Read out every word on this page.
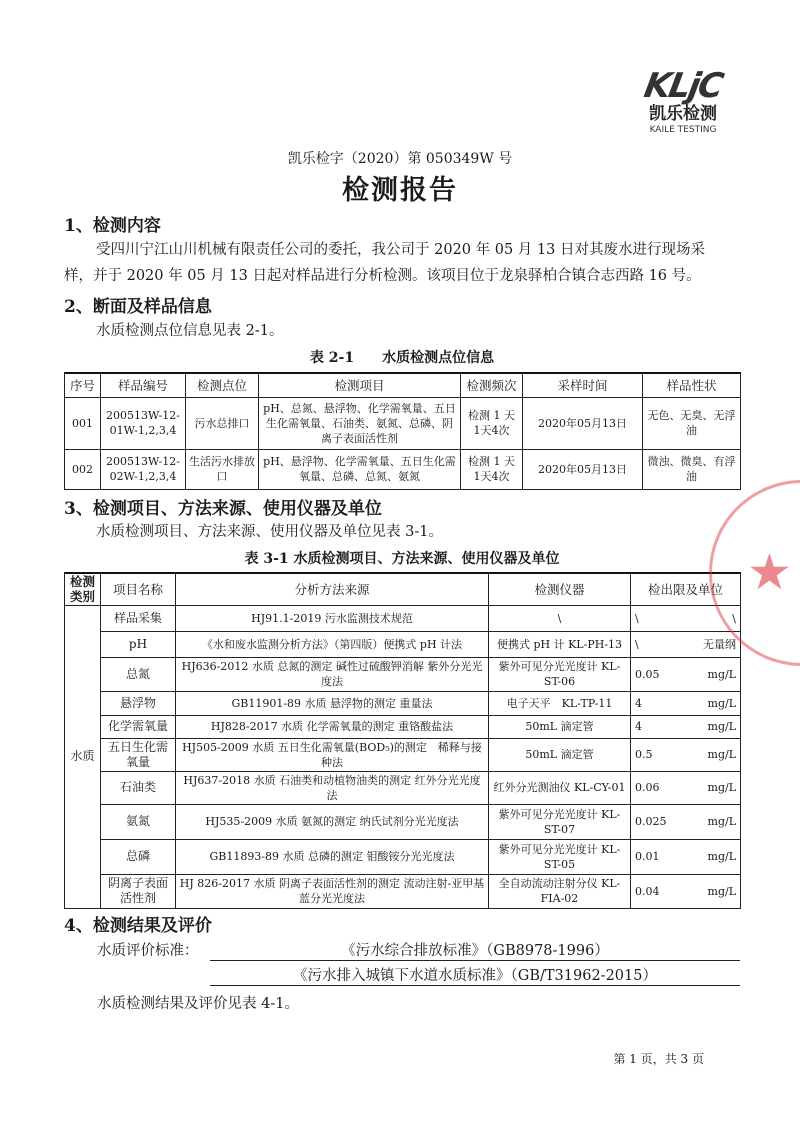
KLjC
凯乐检测
KAILE TESTING
凯乐检字（2020）第 050349W 号
检测报告
1、检测内容
受四川宁江山川机械有限责任公司的委托，我公司于 2020 年 05 月 13 日对其废水进行现场采
样，并于 2020 年 05 月 13 日起对样品进行分析检测。该项目位于龙泉驿柏合镇合志西路 16 号。
2、断面及样品信息
水质检测点位信息见表 2-1。
表 2-1　　水质检测点位信息
序号	样品编号	检测点位	检测项目	检测频次	采样时间	样品性状
001	200513W-12-01W-1,2,3,4	污水总排口	pH、总氮、悬浮物、化学需氧量、五日生化需氧量、石油类、氨氮、总磷、阴离子表面活性剂	检测 1 天 1天4次	2020年05月13日	无色、无臭、无浮油
002	200513W-12-02W-1,2,3,4	生活污水排放口	pH、悬浮物、化学需氧量、五日生化需氧量、总磷、总氮、氨氮	检测 1 天 1天4次	2020年05月13日	微浊、微臭、有浮油
3、检测项目、方法来源、使用仪器及单位
水质检测项目、方法来源、使用仪器及单位见表 3-1。
表 3-1 水质检测项目、方法来源、使用仪器及单位
检测类别	项目名称	分析方法来源	检测仪器	检出限及单位
水质	样品采集	HJ91.1-2019 污水监测技术规范	\	\ \

	pH	《水和废水监测分析方法》（第四版）便携式 pH 计法	便携式 pH 计 KL-PH-13	\ 无量纲

	总氮	HJ636-2012 水质 总氮的测定 碱性过硫酸钾消解 紫外分光光度法	紫外可见分光光度计 KL-ST-06	0.05 mg/L

	悬浮物	GB11901-89 水质 悬浮物的测定 重量法	电子天平　KL-TP-11	4 mg/L

	化学需氧量	HJ828-2017 水质 化学需氧量的测定 重铬酸盐法	50mL 滴定管	4 mg/L

	五日生化需氧量	HJ505-2009 水质 五日生化需氧量(BOD₅)的测定　稀释与接种法	50mL 滴定管	0.5 mg/L

	石油类	HJ637-2018 水质 石油类和动植物油类的测定 红外分光光度法	红外分光测油仪 KL-CY-01	0.06 mg/L

	氨氮	HJ535-2009 水质 氨氮的测定 纳氏试剂分光光度法	紫外可见分光光度计 KL-ST-07	0.025 mg/L

	总磷	GB11893-89 水质 总磷的测定 钼酸铵分光光度法	紫外可见分光光度计 KL-ST-05	0.01 mg/L

	阴离子表面活性剂	HJ 826-2017 水质 阴离子表面活性剂的测定 流动注射-亚甲基蓝分光光度法	全自动流动注射分仪 KL-FIA-02	0.04 mg/L
4、检测结果及评价
水质评价标准：	《污水综合排放标准》（GB8978-1996）
《污水排入城镇下水道水质标准》（GB/T31962-2015）
水质检测结果及评价见表 4-1。
第 1 页，共 3 页
★
